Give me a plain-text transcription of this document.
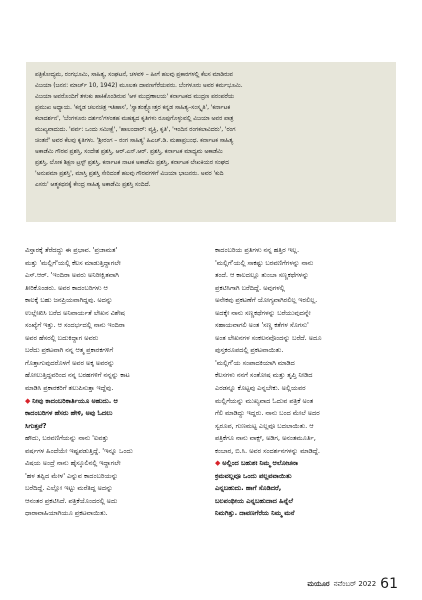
ಪತ್ರಿಕೋದ್ಯಮ, ರಂಗಭೂಮಿ, ಸಾಹಿತ್ಯ, ಸಂಘಟನೆ, ಚಳವಳಿ – ಹೀಗೆ ಹಲವು ಪ್ರಕಾರಗಳಲ್ಲಿ ಕೆಲಸ ಮಾಡಿರುವ

ವಿಜಯಾ (ಜನನ: ಮಾರ್ಚ್ 10, 1942) ಮೂಲತಃ ದಾವಣಗೆರೆಯವರು. ಬೆಂಗಳೂರು ಅವರ ಕರ್ಮಭೂಮಿ.

ವಿಜಯಾ ಅವರೊಂದಿಗೆ ತಳುಕು ಹಾಕಿಕೊಂಡಿರುವ 'ಆಳ ಮುದ್ರಣಾಲಯ' ಕರ್ನಾಟಕದ ಮುದ್ರಣ ಪರಂಪರೆಯ

ಪ್ರಮುಖ ಅಧ್ಯಾಯ. 'ಕನ್ನಡ ಚಲನಚಿತ್ರ ಇತಿಹಾಸ', 'ಸ್ವಾತಂತ್ರ್ಯೋತ್ತರ ಕನ್ನಡ ಸಾಹಿತ್ಯ–ಸಂಸ್ಕೃತಿ', 'ಕರ್ನಾಟಕ

ಕಲಾದರ್ಶನ', 'ಬೆಂಗಳೂರು ದರ್ಶನ'ಗಳಂತಹ ಮಹತ್ವದ ಕೃತಿಗಳು ರೂಪುಗೊಳ್ಳುವಲ್ಲಿ ವಿಜಯಾ ಅವರ ಪಾತ್ರ

ಮುಖ್ಯವಾದುದು. 'ಪರ್ವ: ಒಂದು ಸಮೀಕ್ಷೆ', 'ಹಾಲಂದಾರ್: ವ್ಯಕ್ತಿ, ಕೃತಿ', 'ಇಂದಿನ ರಂಗಕಲಾವಿದರು', 'ರಂಗ

ಚಿಂತನೆ' ಅವರ ಕೆಲವು ಕೃತಿಗಳು. 'ಶ್ರೀರಂಗ – ರಂಗ ಸಾಹಿತ್ಯ' ಹಿಎಚ್.ಡಿ. ಮಹಾಪ್ರಬಂಧ. ಕರ್ನಾಟಕ ಸಾಹಿತ್ಯ

ಅಕಾಡೆಮಿ ಗೌರವ ಪ್ರಶಸ್ತಿ, ಸಂದೇಶ ಪ್ರಶಸ್ತಿ, ಆರ್.ಎನ್.ಆರ್. ಪ್ರಶಸ್ತಿ, ಕರ್ನಾಟಕ ಮಾಧ್ಯಮ ಅಕಾಡೆಮಿ

ಪ್ರಶಸ್ತಿ, ಲೋಕ ಶಿಕ್ಷಣ ಟ್ರಸ್ಟ್ ಪ್ರಶಸ್ತಿ, ಕರ್ನಾಟಕ ನಾಟಕ ಅಕಾಡೆಮಿ ಪ್ರಶಸ್ತಿ, ಕರ್ನಾಟಕ ಲೇಖಕಿಯರ ಸಂಘದ

'ಅನುಪಮಾ ಪ್ರಶಸ್ತಿ', ಮಾಸ್ತಿ ಪ್ರಶಸ್ತಿ ಸೇರಿದಂತೆ ಹಲವು ಗೌರವಗಳಿಗೆ ವಿಜಯಾ ಭಾಜನರು. ಅವರ 'ಕುದಿ

ಎಸರು' ಆತ್ಮಕಥನಕ್ಕೆ ಕೇಂದ್ರ ಸಾಹಿತ್ಯ ಅಕಾಡೆಮಿ ಪ್ರಶಸ್ತಿ ಸಂದಿದೆ.

ವಿಸ್ತಾರಕ್ಕೆ ತೆರೆದದ್ದು ಈ ಪ್ರಭಾವ. 'ಪ್ರಜಾಮತ'

ಮತ್ತು 'ಮಲ್ಲಿಗೆ'ಯಲ್ಲಿ ಕೆಲಸ ಮಾಡುತ್ತಿದ್ದಾಗಲೇ

ಎಸ್.ಆರ್. 'ಇಂದಿರಾ ಅವರು ಅನಿರೀಕ್ಷಿತವಾಗಿ

ತೀರಿಕೊಂಡರು. ಅವರ ಕಾದಂಬರಿಗಳು ಆ

ಕಾಲಕ್ಕೆ ಬಹು ಜನಪ್ರಿಯವಾಗಿದ್ದವು. ಅದನ್ನು

ಉಲ್ಲೇಖಿಸಿ ಬರೆದ ಅನಿವಾರ್ಯತೆ ಲೇಖನ ವಿಶೇಷ

ಸಂಖ್ಯೆಗೆ ಇತ್ತು. ಆ ಸಂದರ್ಭದಲ್ಲಿ ನಾನು ಇಂದಿರಾ

ಅವರ ಹೆಸರಲ್ಲಿ ಬದುಕಿದ್ದಾಗ ಅವರು

ಬರೆದು ಪ್ರಕಟವಾಗಿ ನನ್ನ ಆತ್ಮ ಪ್ರಕಾರಕಗಳಿಗೆ

ಗೊತ್ತಾಗುವುದರೊಳಗೆ ಅವರ ಅಕ್ಕ ಅವರನ್ನು

ಹೋಲುತ್ತಿದ್ದವರಿಂದ ನನ್ನ ಬರಹಗಳಿಗೆ ನನ್ನನ್ನು ಕಾಟ

ಮಾಡಿಸಿ ಪ್ರಕಾರಕರಿಗೆ ತಲುಪಿಸುತ್ತಾ ಇದ್ದೆವು.

◆ ನೀವು ಕಾದಂಬರಿಕಾರ್ತಿಯೂ ಅಹುದು. ಆ

ಕಾದಂಬರಿಗಳ ಹೆಸರು ಹೇಳಿ, ಅವು ಓದಲು

ಸಿಗುತ್ತವೆ?

ಹೌದು, ಬರವಣಿಗೆಯನ್ನು ನಾನು 'ಐವತ್ತು

ವರ್ಷಗಳ ಹಿಂದೆಯೇ ಇಷ್ಟಪಡುತ್ತಿದ್ದೆ. 'ಇನ್ನೂ ಒಂದು

ವಿಷಯ ಅಂದ್ರೆ ನಾನು ಹೈಸ್ಕೂಲಿನಲ್ಲಿ ಇದ್ದಾಗಲೇ

'ಹಳ ತಪ್ಪಿದ ಮೇಳ' ಎನ್ನುವ ಕಾದಂಬರಿಯನ್ನು

ಬರೆದಿದ್ದೆ. ಎಲ್ಲೋ ಇಟ್ಟು ಮರೆತಿದ್ದ ಅದನ್ನು

ಆನಂತರ ಪ್ರಕಟಿಸಿದೆ. ಪತ್ರಿಕೆಯೊಂದರಲ್ಲಿ ಅದು

ಧಾರಾವಾಹಿಯಾಗಿಯೂ ಪ್ರಕಟವಾಯಿತು.

ಕಾದಂಬರಿಯ ಪ್ರತಿಗಳು ನನ್ನ ಹತ್ತಿರ ಇಲ್ಲ.

'ಮಲ್ಲಿಗೆ'ಯಲ್ಲಿ ಸಾಕಷ್ಟು ಬರವಣಿಗೆಗಳನ್ನು ನಾನು

ತಂದೆ. ಆ ಕಾಲದಲ್ಲೂ ತುಂಬಾ ಸಣ್ಣಕಥೆಗಳನ್ನು

ಪ್ರಕಟಿಸಿಗಾಗಿ ಬರೆದಿದ್ದೆ. ಅವುಗಳಲ್ಲಿ

ಅನೇಕವು ಪ್ರಕಟಣೆಗೆ ಯೋಗ್ಯವಾಗಿರಲಿಲ್ಲ ಇರಲಿಲ್ಲ.

ಅದಕ್ಕೇ ನಾನು ಸಣ್ಣಕಥೆಗಳನ್ನು ಬರೆಯುವುದನ್ನೇ

ಸಹಾಯವಾಗಲಿ ಅಂತ 'ಸಣ್ಣ ಕತೆಗಳ ಸೊಗಸು'

ಅಂತ ಲೇಖನಗಳ ಸಂಕಲನವೊಂದನ್ನು ಬರೆದೆ. ಅದೂ

ಪುಸ್ತಕರೂಪದಲ್ಲಿ ಪ್ರಕಟವಾಯಿತು.

'ಮಲ್ಲಿಗೆ'ಯ ಸಂಪಾದಕಿಯಾಗಿ ಮಾಡಿದ

ಕೆಲಸಗಳು ನನಗೆ ಸಂತೋಷ ಮತ್ತು ತೃಪ್ತಿ ನೀಡಿದ

ಎರಡನ್ನೂ ಕೊಟ್ಟವು ಎನ್ನಬೇಕು. ಅಲ್ಲಿಯವರ

ಮಲ್ಲಿಗೆಯನ್ನು ಮುಖ್ಯವಾದ ಓದುವ ಪತ್ರಿಕೆ ಅಂತ

ಗೆಲಿ ಮಾಡಿದ್ದು ಇದ್ದರು. ನಾನು ಬಂದ ಮೇಲೆ ಅದರ

ಸ್ವರೂಪ, ಗುಣಮಟ್ಟ ಎಲ್ಲವೂ ಬದಲಾಯಿತು. ಆ

ಪತ್ರಿಕೆಗೂ ನಾನು ವಾಕ್ಸ್, ಅಡಿಗ, ಅನಂತಮೂರ್ತಿ,

ಕಂಬಾರ, ಬಿ.ಸಿ. ಅವರ ಸಂದರ್ಶನಗಳನ್ನು ಮಾಡಿದ್ದೆ.

◆ ಅಲ್ಲಿಂದ ಬಹುಶಃ ನಿಮ್ಮ ಆಲೋಚನಾ

ಕ್ರಮವಲ್ಲವೂ ಒಂದು ಪಲ್ಲವವಾಯಿತು

ಎನ್ನಬಹುದು. ಹಾಗೆ ಸೊಡಿದರೆ,

ಬಲಪಂಥೀಯ ಎನ್ನಬಹುದಾದ ಹಿನ್ನೆಲೆ

ನಿಮಗಿತ್ತು. ದಾವಣಗೆರೆಯ ನಿಮ್ಮ ಮನೆ

ಮಯೂರ ನವೆಂಬರ್ 2022 61
